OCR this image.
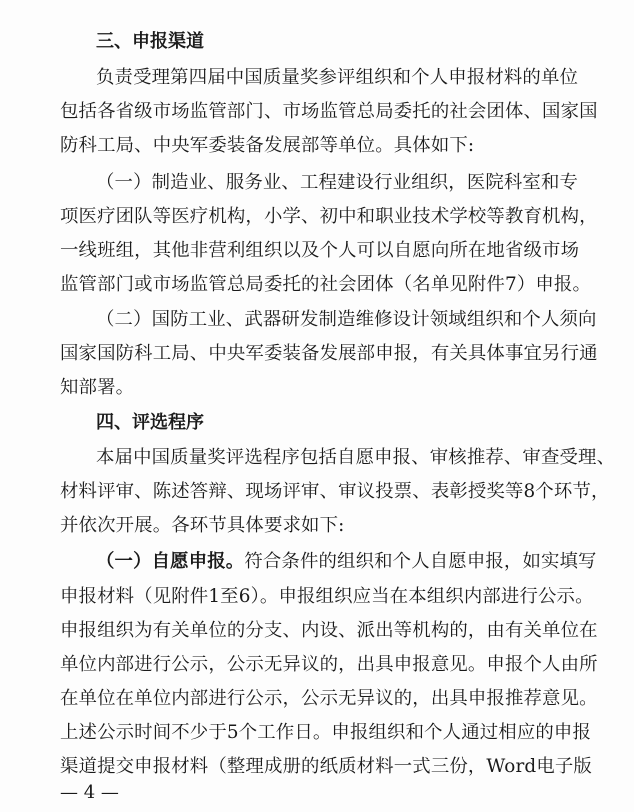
三、申报渠道
负责受理第四届中国质量奖参评组织和个人申报材料的单位
包括各省级市场监管部门、市场监管总局委托的社会团体、国家国
防科工局、中央军委装备发展部等单位。具体如下:
（一）制造业、服务业、工程建设行业组织，医院科室和专
项医疗团队等医疗机构，小学、初中和职业技术学校等教育机构，
一线班组，其他非营利组织以及个人可以自愿向所在地省级市场
监管部门或市场监管总局委托的社会团体（名单见附件7）申报。
（二）国防工业、武器研发制造维修设计领域组织和个人须向
国家国防科工局、中央军委装备发展部申报，有关具体事宜另行通
知部署。
四、评选程序
本届中国质量奖评选程序包括自愿申报、审核推荐、审查受理、
材料评审、陈述答辩、现场评审、审议投票、表彰授奖等8个环节，
并依次开展。各环节具体要求如下:
（一）自愿申报。符合条件的组织和个人自愿申报，如实填写
申报材料（见附件1至6）。申报组织应当在本组织内部进行公示。
申报组织为有关单位的分支、内设、派出等机构的，由有关单位在
单位内部进行公示，公示无异议的，出具申报意见。申报个人由所
在单位在单位内部进行公示，公示无异议的，出具申报推荐意见。
上述公示时间不少于5个工作日。申报组织和个人通过相应的申报
渠道提交申报材料（整理成册的纸质材料一式三份，Word电子版
— 4 —
